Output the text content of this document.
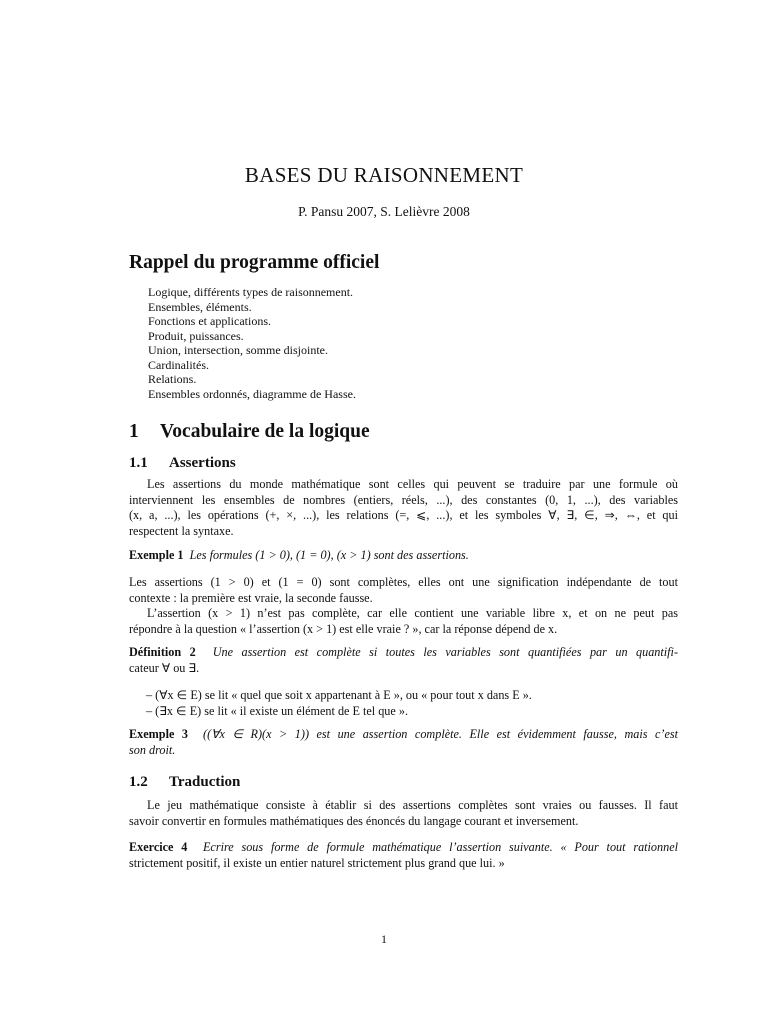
BASES DU RAISONNEMENT
P. Pansu 2007, S. Lelièvre 2008
Rappel du programme officiel
Logique, différents types de raisonnement.
Ensembles, éléments.
Fonctions et applications.
Produit, puissances.
Union, intersection, somme disjointe.
Cardinalités.
Relations.
Ensembles ordonnés, diagramme de Hasse.
1 Vocabulaire de la logique
1.1 Assertions
Les assertions du monde mathématique sont celles qui peuvent se traduire par une formule où
interviennent les ensembles de nombres (entiers, réels, ...), des constantes (0, 1, ...), des variables
(x, a, ...), les opérations (+, ×, ...), les relations (=, ⩽, ...), et les symboles ∀, ∃, ∈, ⇒, ⇔, et qui
respectent la syntaxe.
Exemple 1 Les formules (1 > 0), (1 = 0), (x > 1) sont des assertions.
Les assertions (1 > 0) et (1 = 0) sont complètes, elles ont une signification indépendante de tout
contexte : la première est vraie, la seconde fausse.
L’assertion (x > 1) n’est pas complète, car elle contient une variable libre x, et on ne peut pas
répondre à la question « l’assertion (x > 1) est elle vraie ? », car la réponse dépend de x.
Définition 2 Une assertion est complète si toutes les variables sont quantifiées par un quantifi-
cateur ∀ ou ∃.
– (∀x ∈ E) se lit « quel que soit x appartenant à E », ou « pour tout x dans E ».
– (∃x ∈ E) se lit « il existe un élément de E tel que ».
Exemple 3 ((∀x ∈ R)(x > 1)) est une assertion complète. Elle est évidemment fausse, mais c’est
son droit.
1.2 Traduction
Le jeu mathématique consiste à établir si des assertions complètes sont vraies ou fausses. Il faut
savoir convertir en formules mathématiques des énoncés du langage courant et inversement.
Exercice 4 Ecrire sous forme de formule mathématique l’assertion suivante. « Pour tout rationnel
strictement positif, il existe un entier naturel strictement plus grand que lui. »
1
